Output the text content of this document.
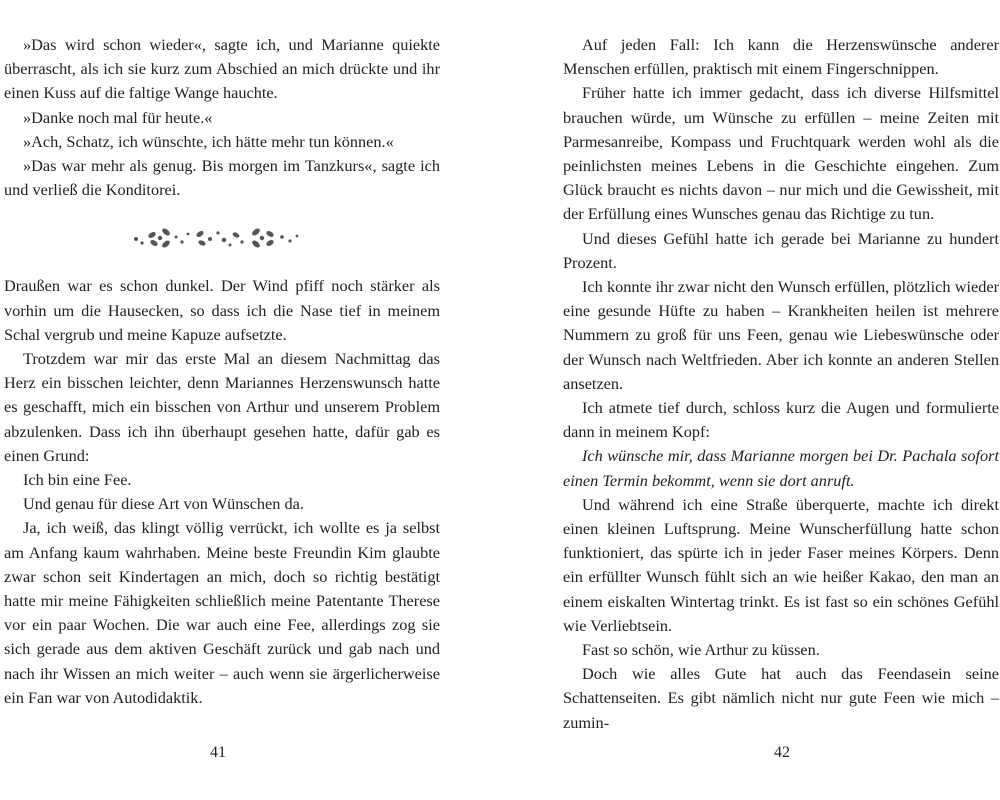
»Das wird schon wieder«, sagte ich, und Marianne quiekte überrascht, als ich sie kurz zum Abschied an mich drückte und ihr einen Kuss auf die faltige Wange hauchte.

»Danke noch mal für heute.«

»Ach, Schatz, ich wünschte, ich hätte mehr tun können.«

»Das war mehr als genug. Bis morgen im Tanzkurs«, sagte ich und verließ die Konditorei.

Draußen war es schon dunkel. Der Wind pfiff noch stärker als vorhin um die Hausecken, so dass ich die Nase tief in meinem Schal vergrub und meine Kapuze aufsetzte.

Trotzdem war mir das erste Mal an diesem Nachmittag das Herz ein bisschen leichter, denn Mariannes Herzenswunsch hatte es geschafft, mich ein bisschen von Arthur und unserem Problem abzulenken. Dass ich ihn überhaupt gesehen hatte, dafür gab es einen Grund:

Ich bin eine Fee.

Und genau für diese Art von Wünschen da.

Ja, ich weiß, das klingt völlig verrückt, ich wollte es ja selbst am Anfang kaum wahrhaben. Meine beste Freundin Kim glaubte zwar schon seit Kindertagen an mich, doch so richtig bestätigt hatte mir meine Fähigkeiten schließlich meine Patentante Therese vor ein paar Wochen. Die war auch eine Fee, allerdings zog sie sich gerade aus dem aktiven Geschäft zurück und gab nach und nach ihr Wissen an mich weiter – auch wenn sie ärgerlicherweise ein Fan war von Autodidaktik.

41

Auf jeden Fall: Ich kann die Herzenswünsche anderer Menschen erfüllen, praktisch mit einem Fingerschnippen.

Früher hatte ich immer gedacht, dass ich diverse Hilfsmittel brauchen würde, um Wünsche zu erfüllen – meine Zeiten mit Parmesanreibe, Kompass und Fruchtquark werden wohl als die peinlichsten meines Lebens in die Geschichte eingehen. Zum Glück braucht es nichts davon – nur mich und die Gewissheit, mit der Erfüllung eines Wunsches genau das Richtige zu tun.

Und dieses Gefühl hatte ich gerade bei Marianne zu hundert Prozent.

Ich konnte ihr zwar nicht den Wunsch erfüllen, plötzlich wieder eine gesunde Hüfte zu haben – Krankheiten heilen ist mehrere Nummern zu groß für uns Feen, genau wie Liebeswünsche oder der Wunsch nach Weltfrieden. Aber ich konnte an anderen Stellen ansetzen.

Ich atmete tief durch, schloss kurz die Augen und formulierte dann in meinem Kopf:

Ich wünsche mir, dass Marianne morgen bei Dr. Pachala sofort einen Termin bekommt, wenn sie dort anruft.

Und während ich eine Straße überquerte, machte ich direkt einen kleinen Luftsprung. Meine Wunscherfüllung hatte schon funktioniert, das spürte ich in jeder Faser meines Körpers. Denn ein erfüllter Wunsch fühlt sich an wie heißer Kakao, den man an einem eiskalten Wintertag trinkt. Es ist fast so ein schönes Gefühl wie Verliebtsein.

Fast so schön, wie Arthur zu küssen.

Doch wie alles Gute hat auch das Feendasein seine Schattenseiten. Es gibt nämlich nicht nur gute Feen wie mich – zumin-

42
